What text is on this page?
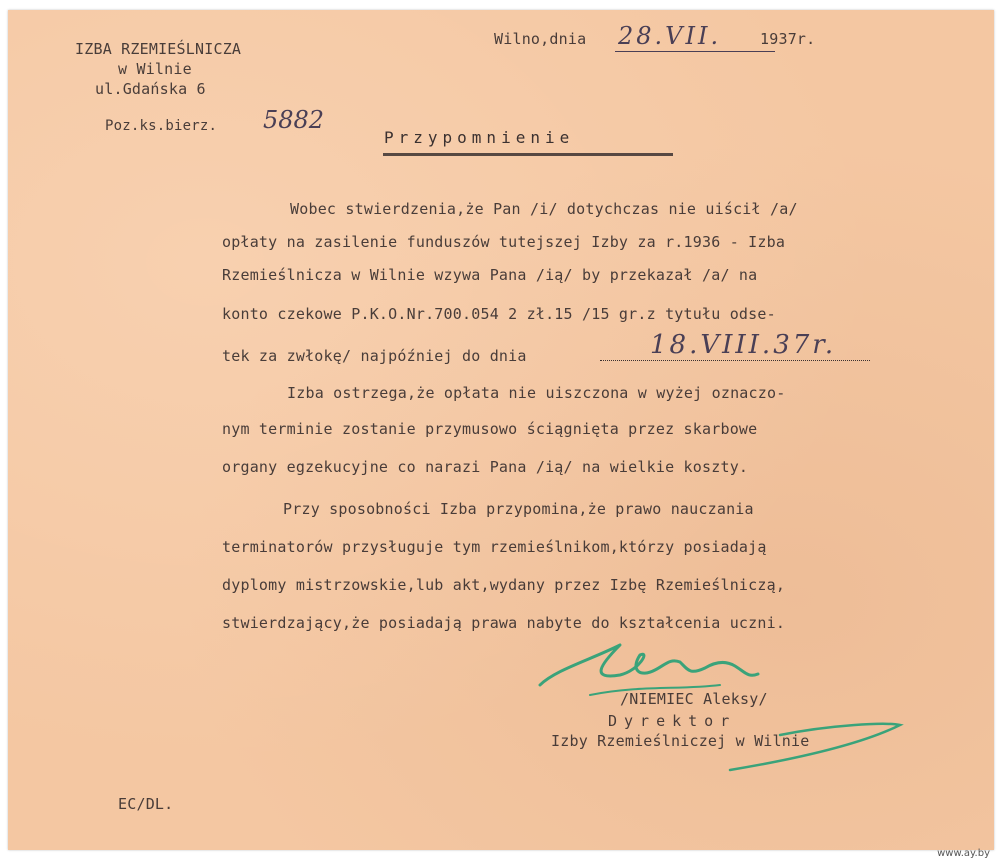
IZBA RZEMIEŚLNICZA
w Wilnie
ul.Gdańska 6
Wilno,dnia 28.VII.	1937r.
Poz.ks.bierz. 5882
Przypomnienie
Wobec stwierdzenia,że Pan /i/ dotychczas nie uiścił /a/
opłaty na zasilenie funduszów tutejszej Izby za r.1936 - Izba
Rzemieślnicza w Wilnie wzywa Pana /ią/ by przekazał /a/ na
konto czekowe P.K.O.Nr.700.054 2 zł.15 /15 gr.z tytułu odse-
tek za zwłokę/ najpóźniej do dnia	18.VIII.37r.
Izba ostrzega,że opłata nie uiszczona w wyżej oznaczo-
nym terminie zostanie przymusowo ściągnięta przez skarbowe
organy egzekucyjne co narazi Pana /ią/ na wielkie koszty.
Przy sposobności Izba przypomina,że prawo nauczania
terminatorów przysługuje tym rzemieślnikom,którzy posiadają
dyplomy mistrzowskie,lub akt,wydany przez Izbę Rzemieślniczą,
stwierdzający,że posiadają prawa nabyte do kształcenia uczni.
/NIEMIEC Aleksy/
Dyrektor
Izby Rzemieślniczej w Wilnie
EC/DL.
www.ay.by
